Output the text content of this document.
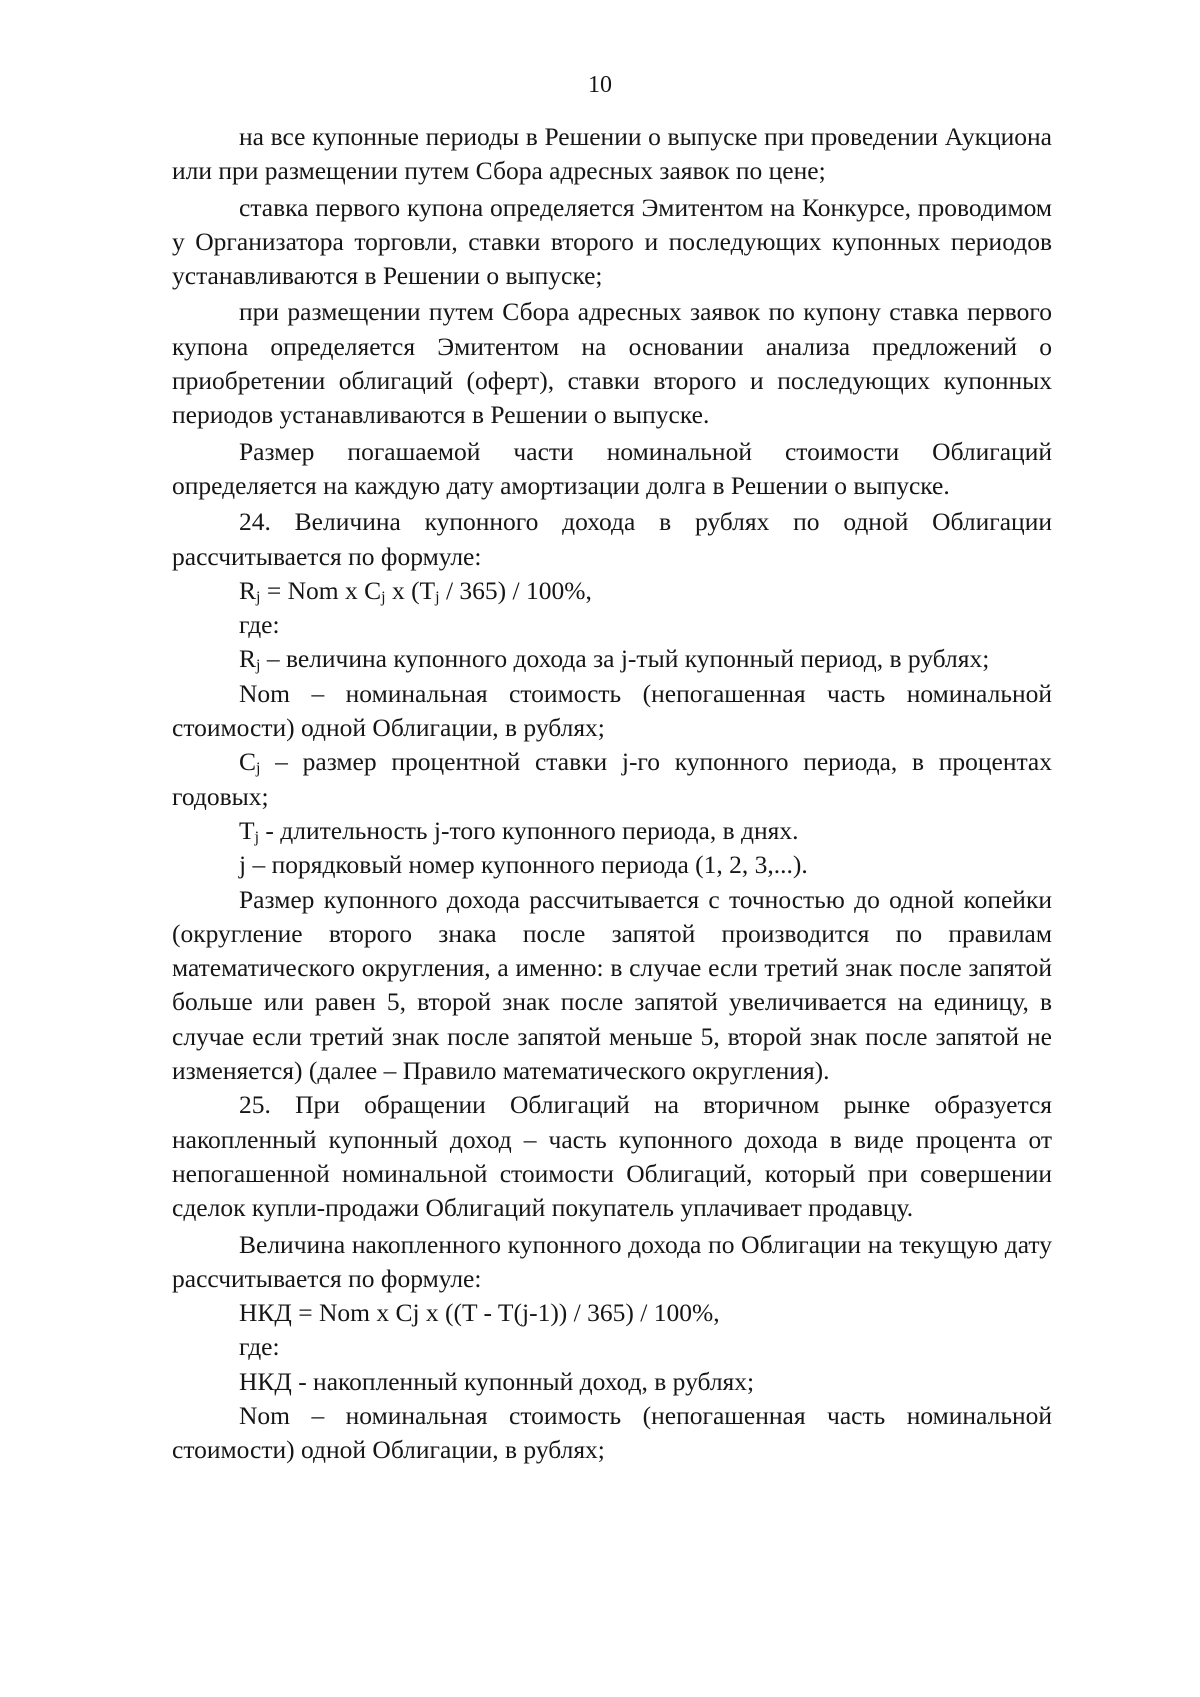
10

на все купонные периоды в Решении о выпуске при проведении Аукциона или при размещении путем Сбора адресных заявок по цене;

ставка первого купона определяется Эмитентом на Конкурсе, проводимом у Организатора торговли, ставки второго и последующих купонных периодов устанавливаются в Решении о выпуске;

при размещении путем Сбора адресных заявок по купону ставка первого купона определяется Эмитентом на основании анализа предложений о приобретении облигаций (оферт), ставки второго и последующих купонных периодов устанавливаются в Решении о выпуске.

Размер погашаемой части номинальной стоимости Облигаций определяется на каждую дату амортизации долга в Решении о выпуске.

24. Величина купонного дохода в рублях по одной Облигации рассчитывается по формуле:

$R_j$ = Nom x $C_j$ x $(T_j / 365) / 100\%$,

где:

$R_j$ – величина купонного дохода за j-тый купонный период, в рублях;

Nom – номинальная стоимость (непогашенная часть номинальной стоимости) одной Облигации, в рублях;

$C_j$ – размер процентной ставки j-го купонного периода, в процентах годовых;

$T_j$ - длительность j-того купонного периода, в днях.

j – порядковый номер купонного периода (1, 2, 3,...).

Размер купонного дохода рассчитывается с точностью до одной копейки (округление второго знака после запятой производится по правилам математического округления, а именно: в случае если третий знак после запятой больше или равен 5, второй знак после запятой увеличивается на единицу, в случае если третий знак после запятой меньше 5, второй знак после запятой не изменяется) (далее – Правило математического округления).

25. При обращении Облигаций на вторичном рынке образуется накопленный купонный доход – часть купонного дохода в виде процента от непогашенной номинальной стоимости Облигаций, который при совершении сделок купли-продажи Облигаций покупатель уплачивает продавцу.

Величина накопленного купонного дохода по Облигации на текущую дату рассчитывается по формуле:

НКД = Nom x Cj x ((T - T(j-1)) / 365) / 100%,

где:

НКД - накопленный купонный доход, в рублях;

Nom – номинальная стоимость (непогашенная часть номинальной стоимости) одной Облигации, в рублях;
